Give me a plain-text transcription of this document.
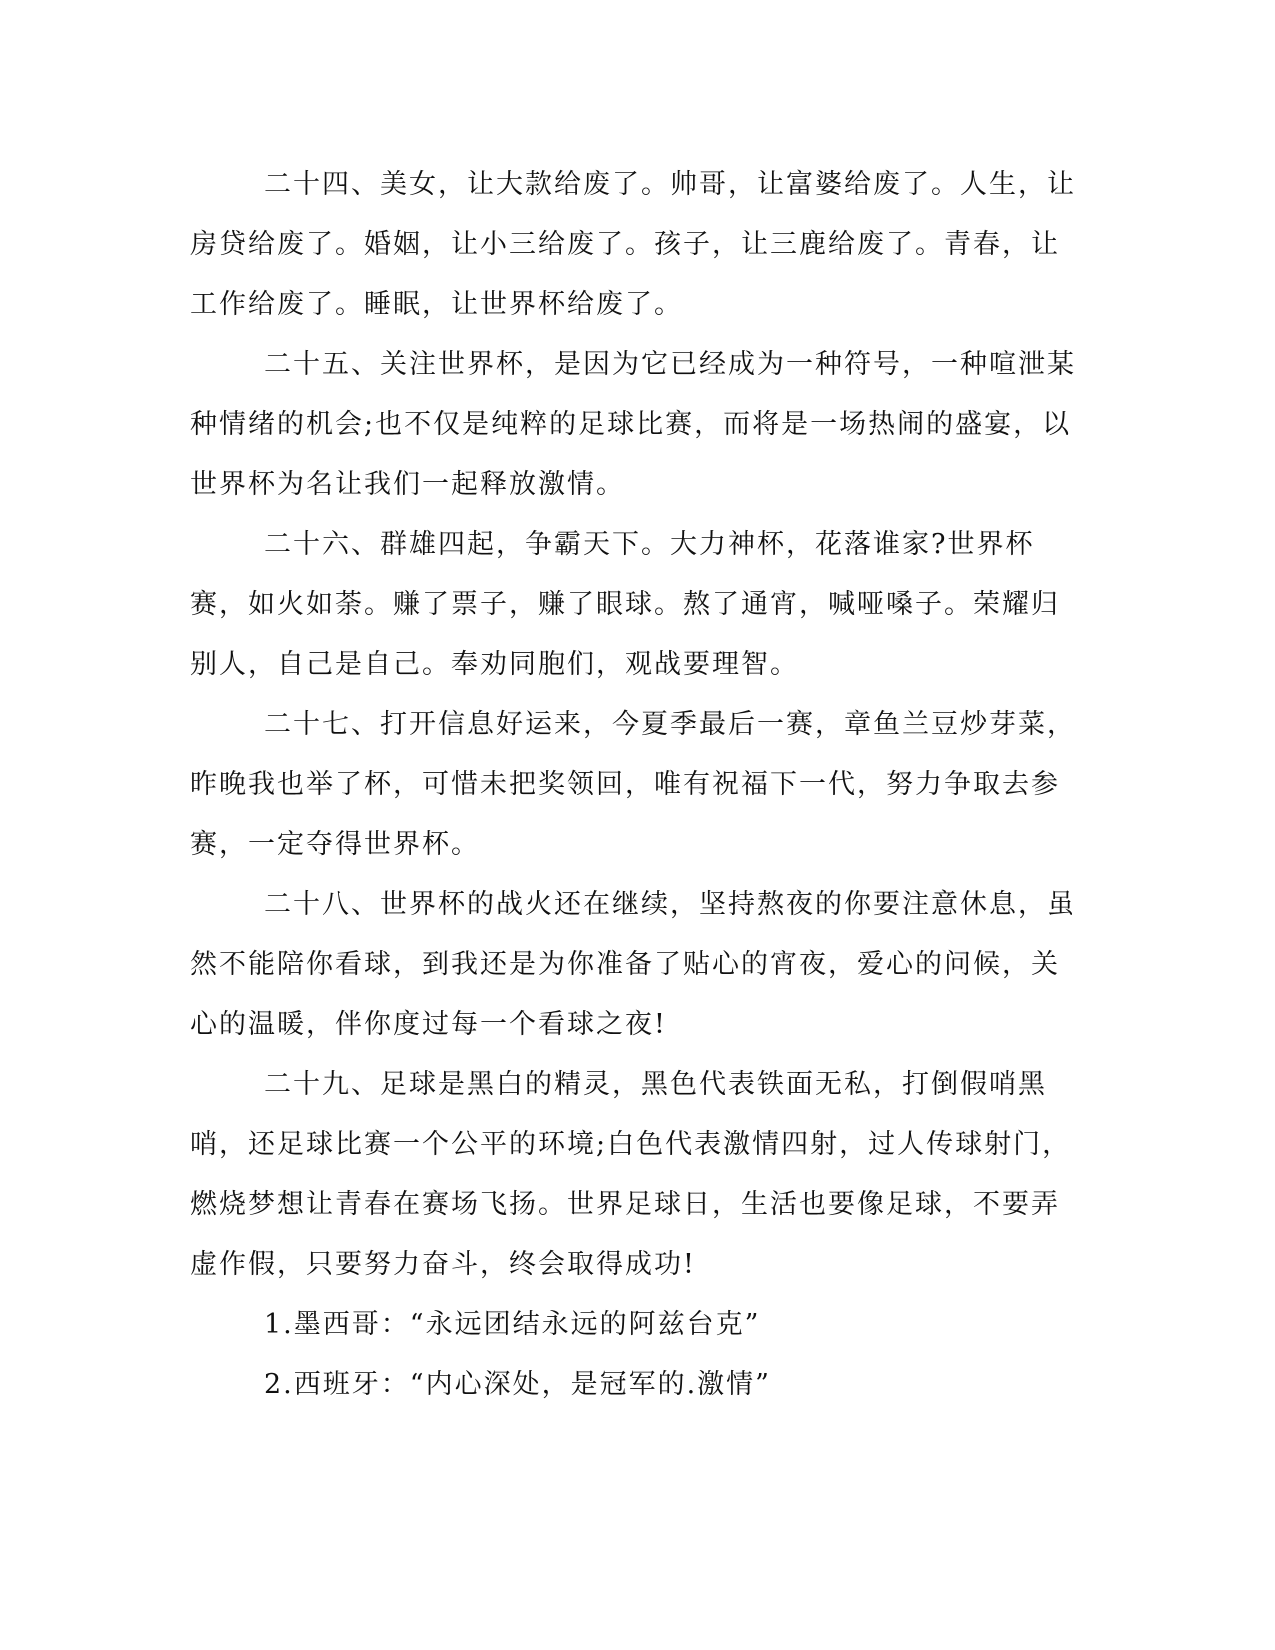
二十四、美女，让大款给废了。帅哥，让富婆给废了。人生，让房贷给废了。婚姻，让小三给废了。孩子，让三鹿给废了。青春，让工作给废了。睡眠，让世界杯给废了。

二十五、关注世界杯，是因为它已经成为一种符号，一种喧泄某种情绪的机会;也不仅是纯粹的足球比赛，而将是一场热闹的盛宴，以世界杯为名让我们一起释放激情。

二十六、群雄四起，争霸天下。大力神杯，花落谁家?世界杯赛，如火如荼。赚了票子，赚了眼球。熬了通宵，喊哑嗓子。荣耀归别人，自己是自己。奉劝同胞们，观战要理智。

二十七、打开信息好运来，今夏季最后一赛，章鱼兰豆炒芽菜，昨晚我也举了杯，可惜未把奖领回，唯有祝福下一代，努力争取去参赛，一定夺得世界杯。

二十八、世界杯的战火还在继续，坚持熬夜的你要注意休息，虽然不能陪你看球，到我还是为你准备了贴心的宵夜，爱心的问候，关心的温暖，伴你度过每一个看球之夜!

二十九、足球是黑白的精灵，黑色代表铁面无私，打倒假哨黑哨，还足球比赛一个公平的环境;白色代表激情四射，过人传球射门，燃烧梦想让青春在赛场飞扬。世界足球日，生活也要像足球，不要弄虚作假，只要努力奋斗，终会取得成功!

1.墨西哥：“永远团结永远的阿兹台克”

2.西班牙：“内心深处，是冠军的.激情”
